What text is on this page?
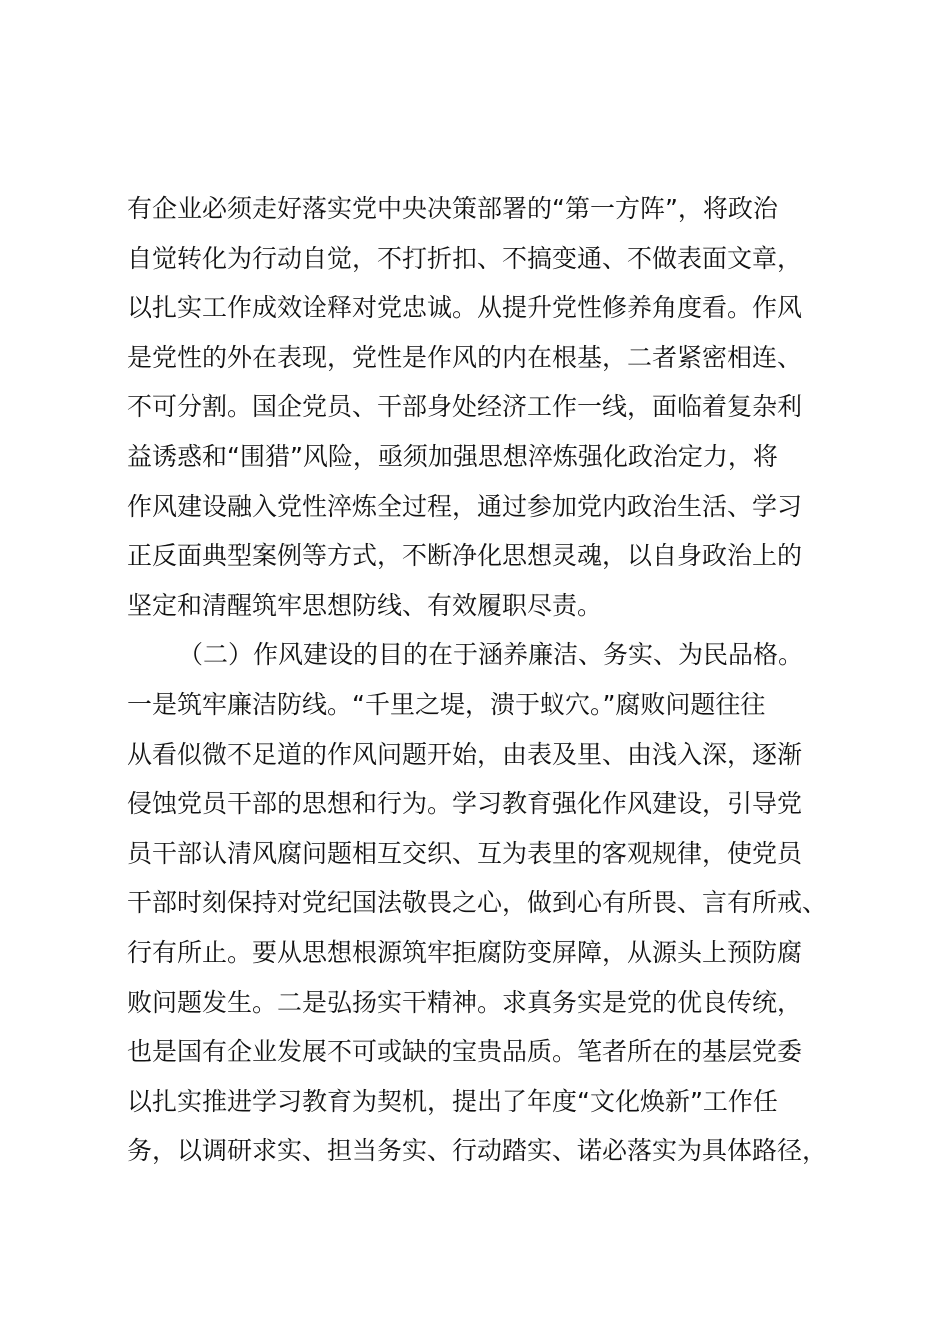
有企业必须走好落实党中央决策部署的“第一方阵”，将政治
自觉转化为行动自觉，不打折扣、不搞变通、不做表面文章，
以扎实工作成效诠释对党忠诚。从提升党性修养角度看。作风
是党性的外在表现，党性是作风的内在根基，二者紧密相连、
不可分割。国企党员、干部身处经济工作一线，面临着复杂利
益诱惑和“围猎”风险，亟须加强思想淬炼强化政治定力，将
作风建设融入党性淬炼全过程，通过参加党内政治生活、学习
正反面典型案例等方式，不断净化思想灵魂，以自身政治上的
坚定和清醒筑牢思想防线、有效履职尽责。
（二）作风建设的目的在于涵养廉洁、务实、为民品格。
一是筑牢廉洁防线。“千里之堤，溃于蚁穴。”腐败问题往往
从看似微不足道的作风问题开始，由表及里、由浅入深，逐渐
侵蚀党员干部的思想和行为。学习教育强化作风建设，引导党
员干部认清风腐问题相互交织、互为表里的客观规律，使党员
干部时刻保持对党纪国法敬畏之心，做到心有所畏、言有所戒、
行有所止。要从思想根源筑牢拒腐防变屏障，从源头上预防腐
败问题发生。二是弘扬实干精神。求真务实是党的优良传统，
也是国有企业发展不可或缺的宝贵品质。笔者所在的基层党委
以扎实推进学习教育为契机，提出了年度“文化焕新”工作任
务，以调研求实、担当务实、行动踏实、诺必落实为具体路径，
